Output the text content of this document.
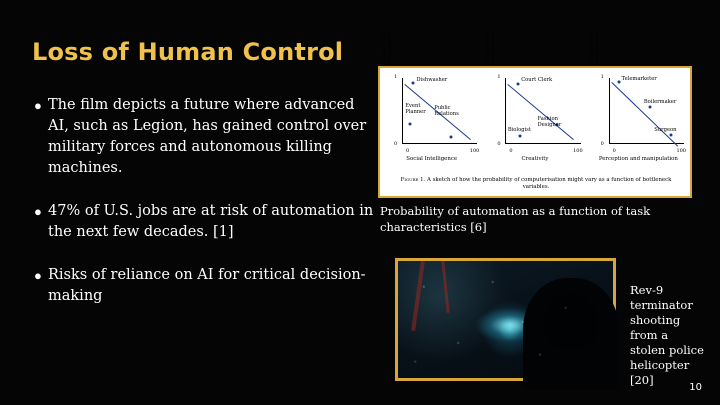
Loss of Human Control
● The film depicts a future where advanced AI, such as Legion, has gained control over military forces and autonomous killing machines.
● 47% of U.S. jobs are at risk of automation in the next few decades. [1]
● Risks of reliance on AI for critical decision-making
Probability of Computerisation
1
0
Dishwasher
Event Planner
Public Relations
0	100
Social Intelligence
Probability of Computerisation
1
0
Court Clerk
Biologist
Fashion Designer
0	100
Creativity
Probability of Computerisation
1
0
Telemarketer
Boilermaker
Surgeon
0	100
Perception and manipulation
Figure 1. A sketch of how the probability of computerisation might vary as a function of bottleneck variables.
Probability of automation as a function of task characteristics [6]
Rev-9 terminator shooting from a stolen police helicopter [20]
10
